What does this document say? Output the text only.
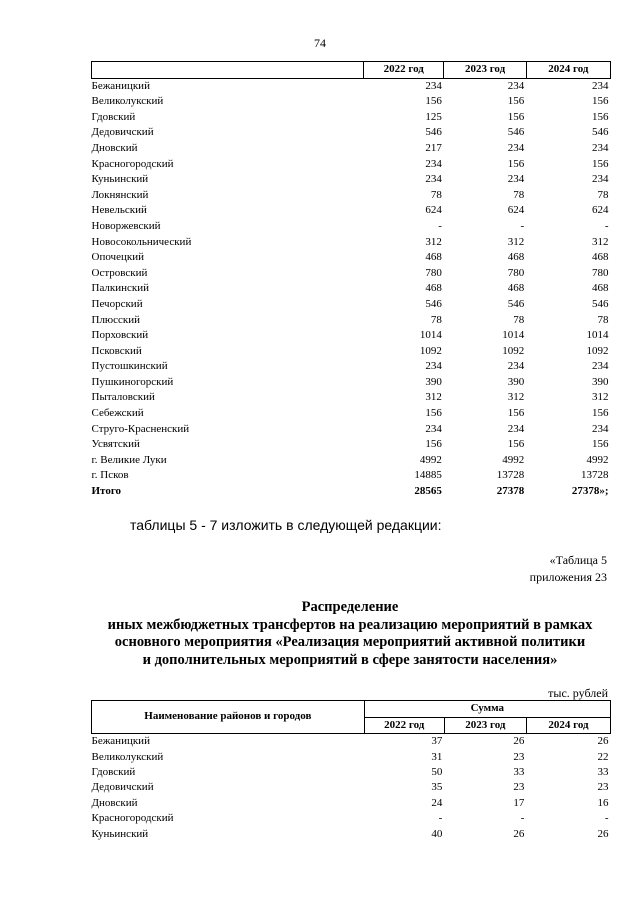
74
	2022 год	2023 год	2024 год
Бежаницкий	234	234	234
Великолукский	156	156	156
Гдовский	125	156	156
Дедовичский	546	546	546
Дновский	217	234	234
Красногородский	234	156	156
Куньинский	234	234	234
Локнянский	78	78	78
Невельский	624	624	624
Новоржевский	-	-	-
Новосокольнический	312	312	312
Опочецкий	468	468	468
Островский	780	780	780
Палкинский	468	468	468
Печорский	546	546	546
Плюсский	78	78	78
Порховский	1014	1014	1014
Псковский	1092	1092	1092
Пустошкинский	234	234	234
Пушкиногорский	390	390	390
Пыталовский	312	312	312
Себежский	156	156	156
Струго-Красненский	234	234	234
Усвятский	156	156	156
г. Великие Луки	4992	4992	4992
г. Псков	14885	13728	13728
Итого	28565	27378	27378»;
таблицы 5 - 7 изложить в следующей редакции:
«Таблица 5
приложения 23
Распределение
иных межбюджетных трансфертов на реализацию мероприятий в рамках
основного мероприятия «Реализация мероприятий активной политики
и дополнительных мероприятий в сфере занятости населения»
тыс. рублей
Наименование районов и городов	Сумма		
	2022 год	2023 год	2024 год
Бежаницкий	37	26	26
Великолукский	31	23	22
Гдовский	50	33	33
Дедовичский	35	23	23
Дновский	24	17	16
Красногородский	-	-	-
Куньинский	40	26	26
